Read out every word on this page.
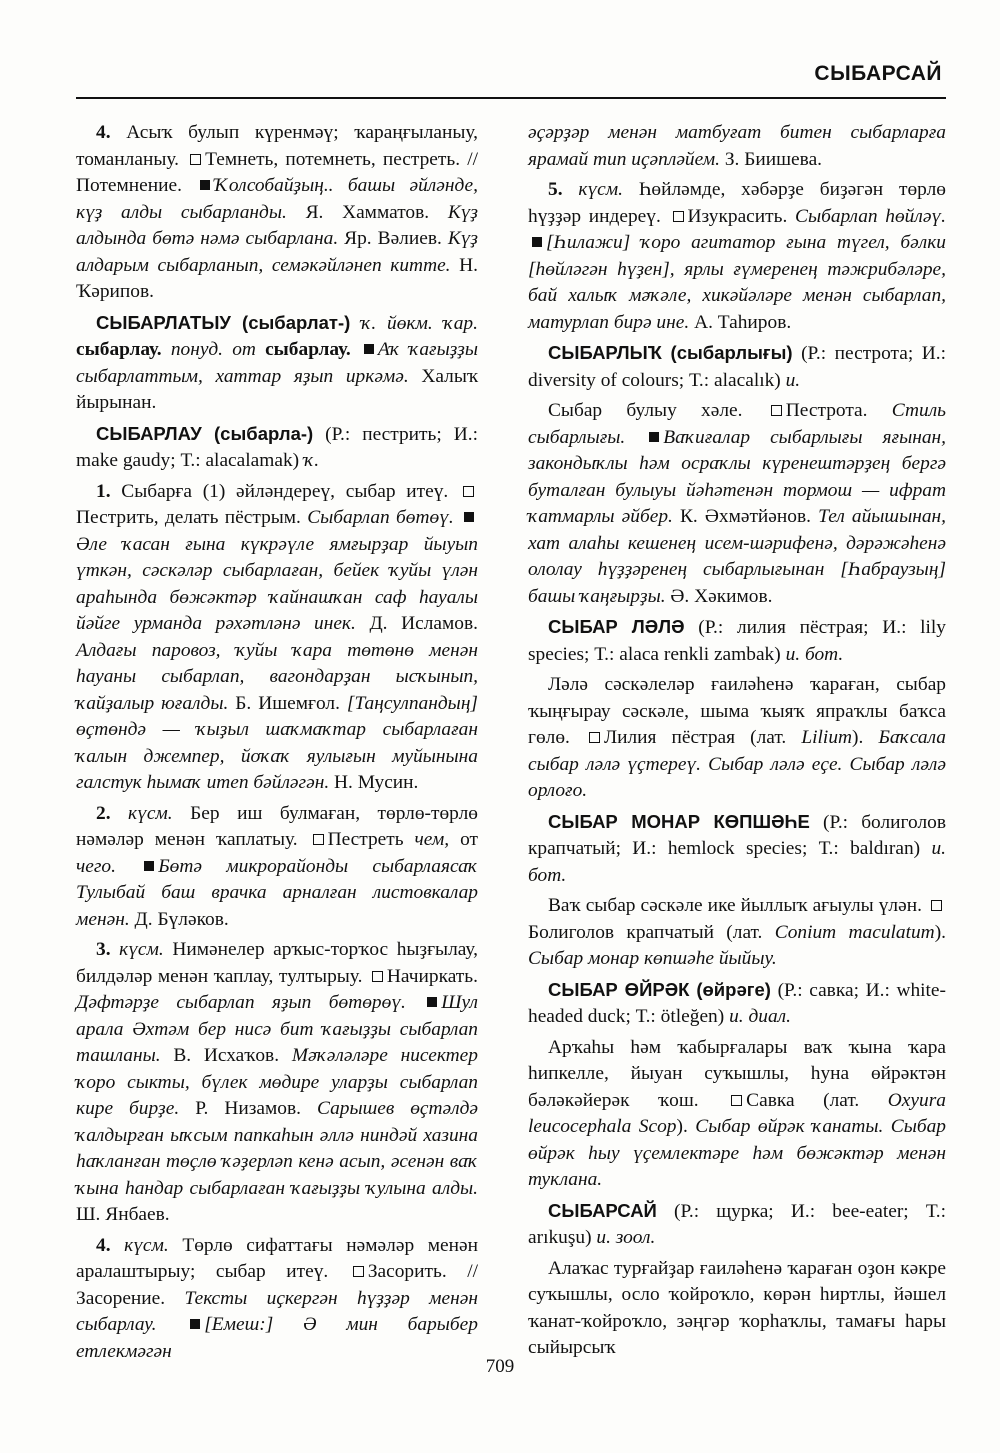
СЫБАРСАЙ

4. Асыҡ булып күренмәү; ҡараңғыланыу, томанланыу. Темнеть, потемнеть, пестреть. // Потемнение. Ҡолсобайҙың.. башы әйләнде, күҙ алды сыбарланды. Я. Хамматов. Күҙ алдында бөтә нәмә сыбарлана. Яр. Вәлиев. Күҙ алдарым сыбарланып, семәкәйләнеп китте. Н. Ҡәрипов.

СЫБАРЛАТЫУ (сыбарлат-) ҡ. йөкм. ҡар. сыбарлау. понуд. от сыбарлау. Аҡ ҡағыҙҙы сыбарлаттым, хаттар яҙып иркәмә. Халыҡ йырынан.

СЫБАРЛАУ (сыбарла-) (Р.: пестрить; И.: make gaudy; Т.: alacalamak) ҡ.

1. Сыбарға (1) әйләндереү, сыбар итеү. Пестрить, делать пёстрым. Сыбарлап бөтөү. Әле ҡасан ғына күкрәүле ямғырҙар йыуып үткән, сәскәләр сыбарлаған, бейек ҡуйы үлән араһында бөжәктәр ҡайнашҡан саф һауалы йәйге урманда рәхәтләнә инек. Д. Исламов. Алдағы паровоз, ҡуйы ҡара төтөнө менән һауаны сыбарлап, вагондарҙан ысҡынып, ҡайҙалыр юғалды. Б. Ишемғол. [Таңсулпандың] өҫтөндә — ҡыҙыл шаҡмаҡтар сыбарлаған ҡалын джемпер, йоҡаҡ яулығын муйынына галстук һымаҡ итеп бәйләгән. Н. Мусин.

2. күсм. Бер иш булмаған, төрлө-төрлө нәмәләр менән ҡаплатыу. Пестреть чем, от чего. Бөтә микрорайонды сыбарлаясаҡ Тулыбай баш врачка арналған листовкалар менән. Д. Бүләков.

3. күсм. Нимәнелер арҡыс-торҡос һыҙғылау, билдәләр менән ҡаплау, тултырыу. Начиркать. Дәфтәрҙе сыбарлап яҙып бөтөрөү. Шул арала Әхтәм бер нисә бит ҡағыҙҙы сыбарлап ташланы. В. Исхаҡов. Мәҡәләләре нисектер ҡоро сыкты, бүлек мөдире уларҙы сыбарлап кире бирҙе. Р. Низамов. Сарышев өҫтәлдә ҡалдырған ыҡсым папкаһын әллә ниндәй хазина һаҡланған төҫлө ҡәҙерләп кенә асып, әсенән ваҡ ҡына һандар сыбарлаған ҡағыҙҙы ҡулына алды. Ш. Янбаев.

4. күсм. Төрлө сифаттағы нәмәләр менән аралаштырыу; сыбар итеү. Засорить. // Засорение. Тексты иҫкергән һүҙҙәр менән сыбарлау. [Емеш:] Ә мин барыбер етлекмәгән

әҫәрҙәр менән матбуғат битен сыбарларға ярамай тип иҫәпләйем. З. Биишева.

5. күсм. Һөйләмде, хәбәрҙе биҙәгән төрлө һүҙҙәр индереү. Изукрасить. Сыбарлап һөйләү. [Һилажи] ҡоро агитатор ғына түгел, бәлки [һөйләгән һүҙен], ярлы ғүмеренең тәжрибәләре, бай халыҡ мәҡәле, хикәйәләре менән сыбарлап, матурлап бирә ине. А. Таһиров.

СЫБАРЛЫҠ (сыбарлығы) (Р.: пестрота; И.: diversity of colours; Т.: alacalık) и.

Сыбар булыу хәле. Пестрота. Стиль сыбарлығы. Ваҡиғалар сыбарлығы яғынан, закондыҡлы һәм осраҡлы күренештәрҙең бергә буталған булыуы йәһәтенән тормош — ифрат ҡатмарлы әйбер. К. Әхмәтйәнов. Тел айышынан, хат алаһы кешенең исем-шәрифенә, дәрәжәһенә ололау һүҙҙәренең сыбарлығынан [Һабраузың] башы ҡаңғырҙы. Ә. Хәкимов.

СЫБАР ЛӘЛӘ (Р.: лилия пёстрая; И.: lily species; Т.: alaca renkli zambak) и. бот.

Ләлә сәскәлеләр ғаиләһенә ҡараған, сыбар ҡыңғырау сәскәле, шыма ҡыяҡ япраҡлы баҡса гөлө. Лилия пёстрая (лат. Lilium). Баҡсала сыбар ләлә үҫтереү. Сыбар ләлә еҫе. Сыбар ләлә орлоғо.

СЫБАР МОНАР КӨПШӘҺЕ (Р.: болиголов крапчатый; И.: hemlock species; Т.: baldıran) и. бот.

Ваҡ сыбар сәскәле ике йыллыҡ ағыулы үлән. Болиголов крапчатый (лат. Conium maculatum). Сыбар монар көпшәһе йыйыу.

СЫБАР ӨЙРӘК (өйрәге) (Р.: савка; И.: white-headed duck; Т.: ötleğen) и. диал.

Арҡаһы һәм ҡабырғалары ваҡ ҡына ҡара һипкелле, йыуан суҡышлы, һуна өйрәктән бәләкәйерәк ҡош. Савка (лат. Oxyura leucocephala Scop). Сыбар өйрәк ҡанаты. Сыбар өйрәк һыу үҫемлектәре һәм бөжәктәр менән туклана.

СЫБАРСАЙ (Р.: щурка; И.: bee-eater; Т.: arıkuşu) и. зоол.

Алаҡас турғайҙар ғаиләһенә ҡараған оҙон кәкре суҡышлы, осло ҡойроҡло, көрән һиртлы, йәшел ҡанат-ҡойроҡло, зәңгәр ҡорһаҡлы, тамағы һары сыйырсыҡ

709
